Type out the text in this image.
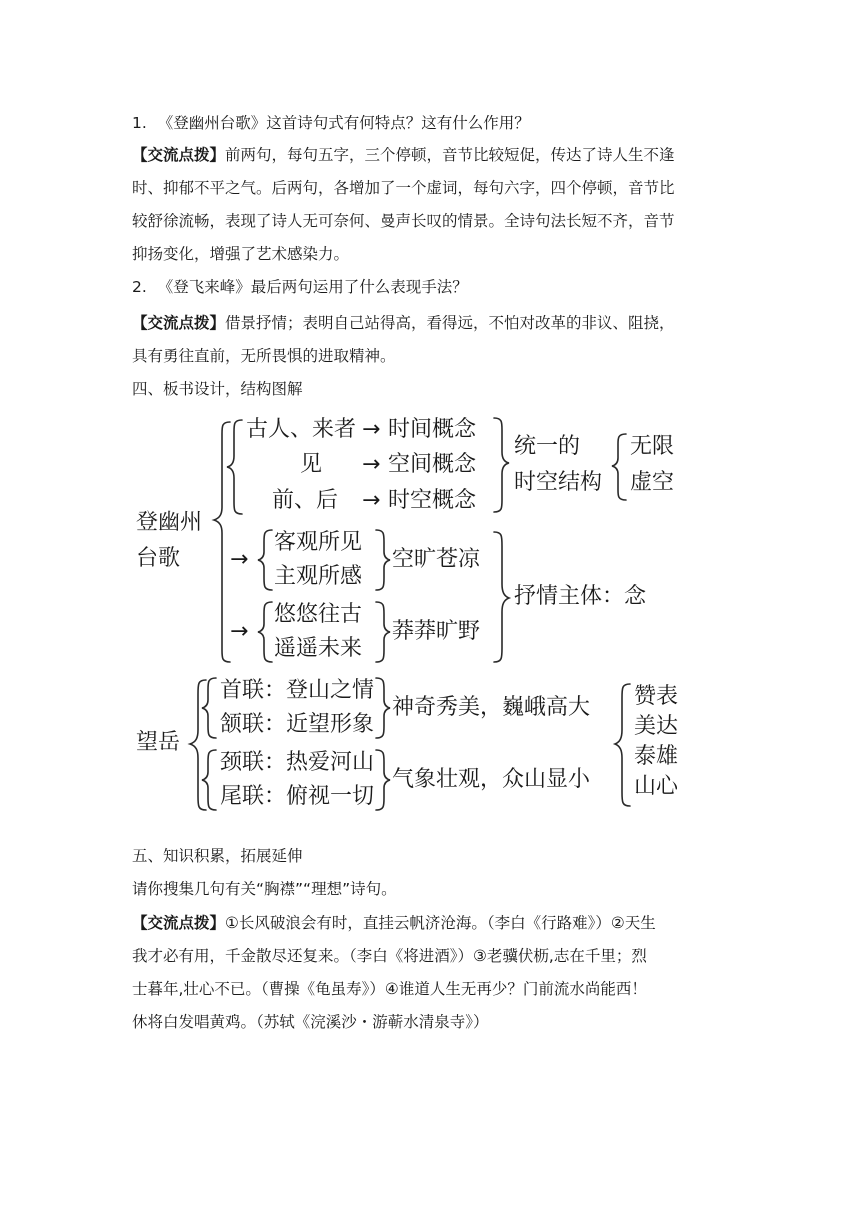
1. 《登幽州台歌》这首诗句式有何特点？这有什么作用？
【交流点拨】前两句，每句五字，三个停顿，音节比较短促，传达了诗人生不逢
时、抑郁不平之气。后两句，各增加了一个虚词，每句六字，四个停顿，音节比
较舒徐流畅，表现了诗人无可奈何、曼声长叹的情景。全诗句法长短不齐，音节
抑扬变化，增强了艺术感染力。
2. 《登飞来峰》最后两句运用了什么表现手法？
【交流点拨】借景抒情；表明自己站得高，看得远，不怕对改革的非议、阻挠，
具有勇往直前，无所畏惧的进取精神。
四、板书设计，结构图解
登幽州
台歌
古人、来者 → 时间概念
见 → 空间概念
前、后 → 时空概念
统一的
时空结构
无限
虚空
→
客观所见
主观所感
空旷苍凉
→
悠悠往古
遥遥未来
莽莽旷野
抒情主体：念
望岳
首联：登山之情
颔联：近望形象
神奇秀美，巍峨高大
颈联：热爱河山
尾联：俯视一切
气象壮观，众山显小
赞表
美达
泰雄
山心
五、知识积累，拓展延伸
请你搜集几句有关“胸襟”“理想”诗句。
【交流点拨】①长风破浪会有时，直挂云帆济沧海。（李白《行路难》）②天生
我才必有用，千金散尽还复来。（李白《将进酒》）③老骥伏枥,志在千里；烈
士暮年,壮心不已。（曹操《龟虽寿》）④谁道人生无再少？门前流水尚能西！
休将白发唱黄鸡。（苏轼《浣溪沙・游蕲水清泉寺》）
